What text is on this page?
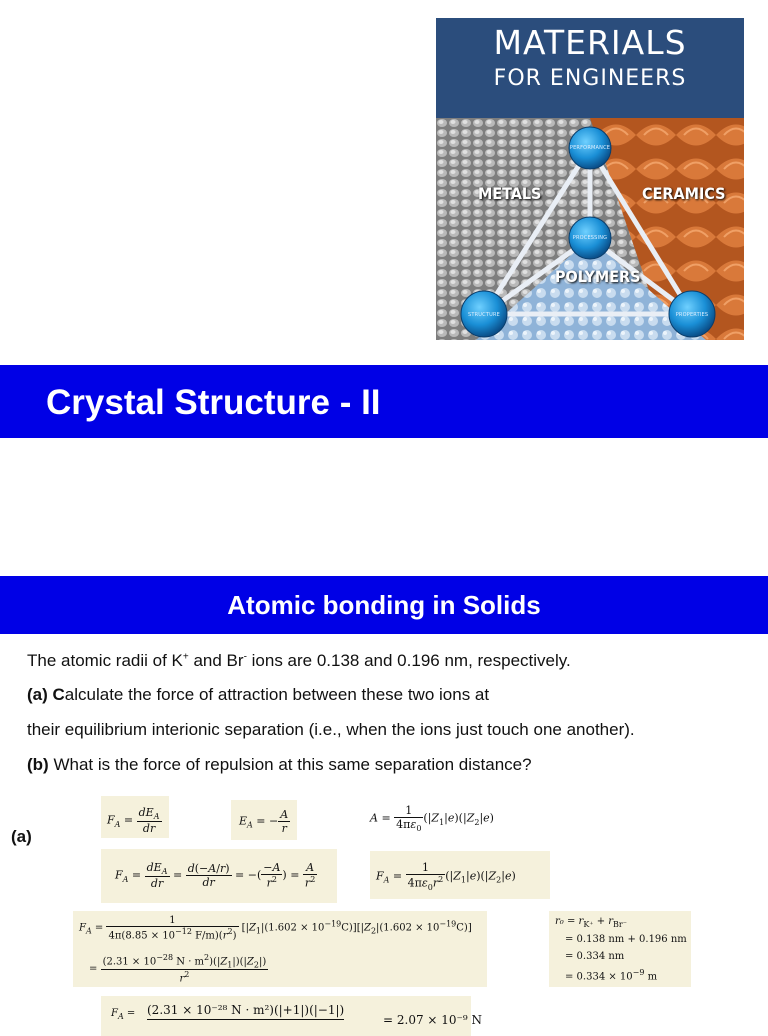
MATERIALS
FOR ENGINEERS
METALS	CERAMICS
POLYMERS
PERFORMANCE
PROCESSING
STRUCTURE	PROPERTIES
Crystal Structure - II
Atomic bonding in Solids
The atomic radii of K+ and Br- ions are 0.138 and 0.196 nm, respectively.
(a) Calculate the force of attraction between these two ions at
their equilibrium interionic separation (i.e., when the ions just touch one another).
(b) What is the force of repulsion at this same separation distance?
(a)
$F_A = \frac{dE_A}{dr}$	$E_A$ = − $\frac{A}{r}$	$A = \frac{1}{4\pi\varepsilon_0} (|Z_1|e)(|Z_2|e)$
$F_A = \frac{dE_A}{dr} = \frac{d(-A/r)}{dr}$ = −( $\frac{-A}{r^2}$ ) = $\frac{A}{r^2}$	$F_A = \frac{1}{4\pi\varepsilon_0r^2} (|Z_1|e)(|Z_2|e)$
$F_A = \frac{1}{4\pi(8.85 \times 10^{-12} F/m)(r^2)} [|Z_1|(1.602 \times 10^{-19}C)][|Z_2|(1.602 \times 10^{-19}C)]$
= $\frac{(2.31 \times 10^{-28} N \cdot m^2)(|Z_1|)(|Z_2|)}{r^2}$
$r_0 = r_{K^+} + r_{Br^-}$
= 0.138 nm + 0.196 nm
= 0.334 nm
= $0.334 \times 10^{-9}$ m
$F_A = (2.31 \times 10^{-28}$ N · m²)(|+1|)(|−1|)
= 2.07 × 10⁻⁹ N
